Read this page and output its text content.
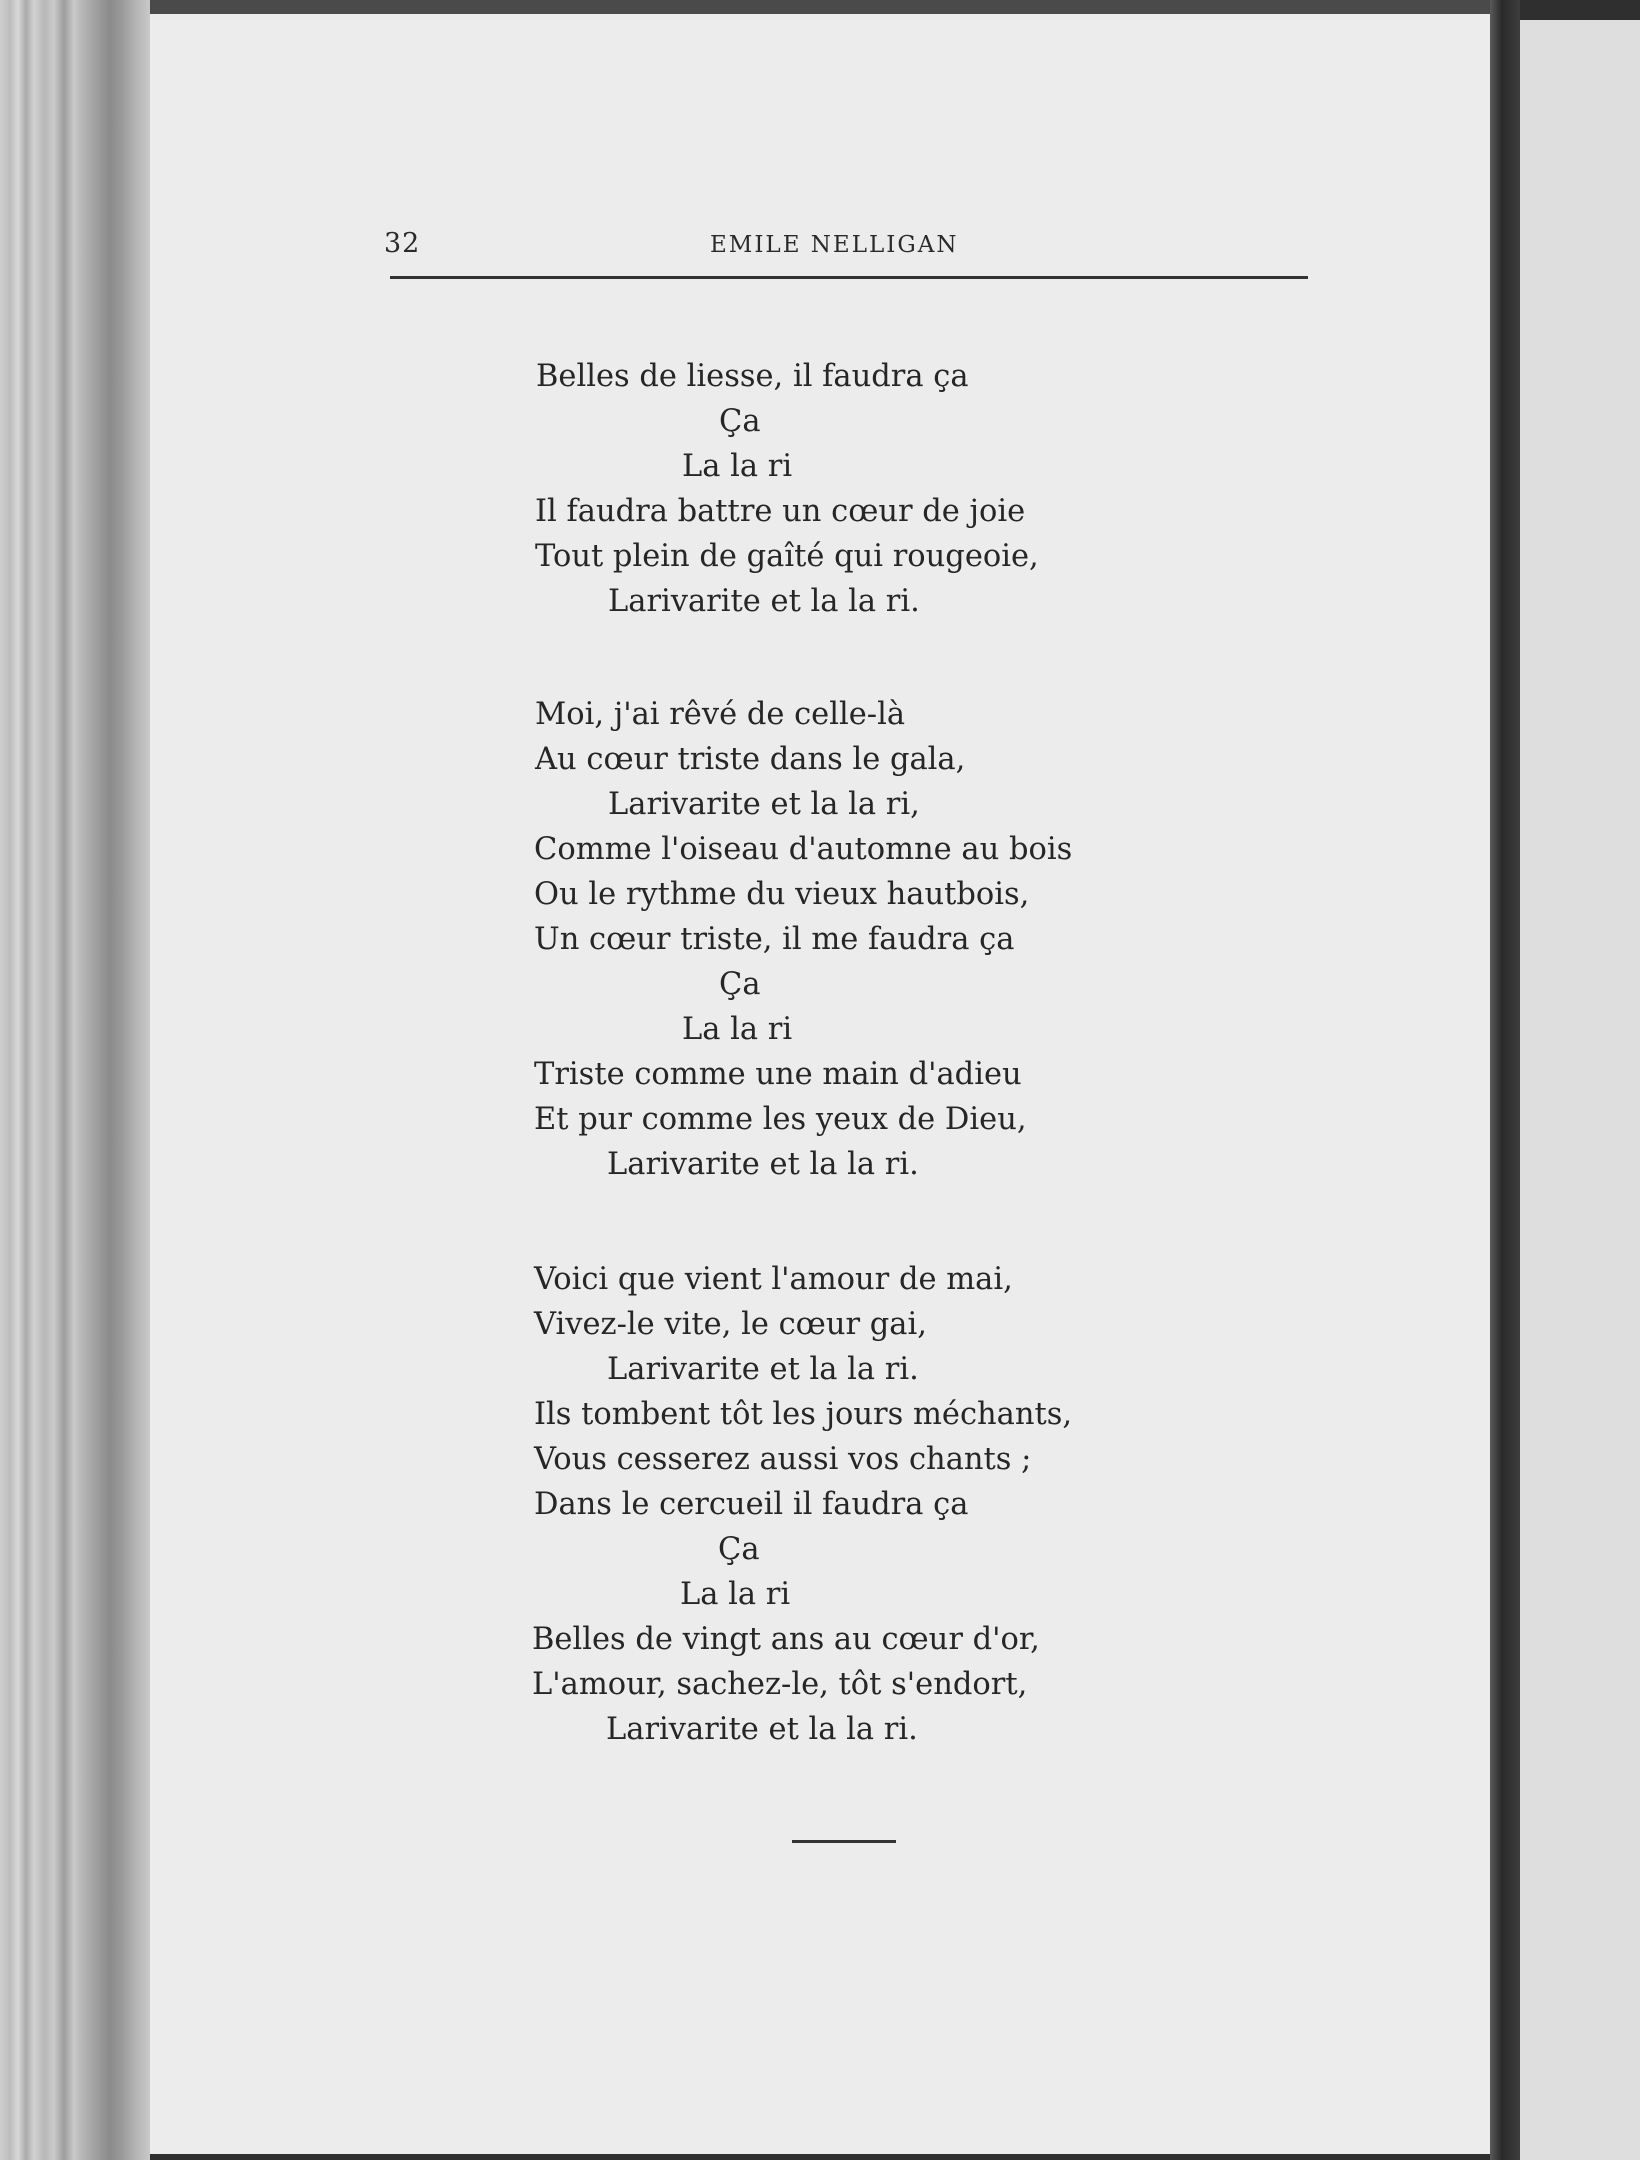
32	EMILE NELLIGAN
Belles de liesse, il faudra ça
Ça
La la ri
Il faudra battre un cœur de joie
Tout plein de gaîté qui rougeoie,
Larivarite et la la ri.
Moi, j'ai rêvé de celle-là
Au cœur triste dans le gala,
Larivarite et la la ri,
Comme l'oiseau d'automne au bois
Ou le rythme du vieux hautbois,
Un cœur triste, il me faudra ça
Ça
La la ri
Triste comme une main d'adieu
Et pur comme les yeux de Dieu,
Larivarite et la la ri.
Voici que vient l'amour de mai,
Vivez-le vite, le cœur gai,
Larivarite et la la ri.
Ils tombent tôt les jours méchants,
Vous cesserez aussi vos chants ;
Dans le cercueil il faudra ça
Ça
La la ri
Belles de vingt ans au cœur d'or,
L'amour, sachez-le, tôt s'endort,
Larivarite et la la ri.
